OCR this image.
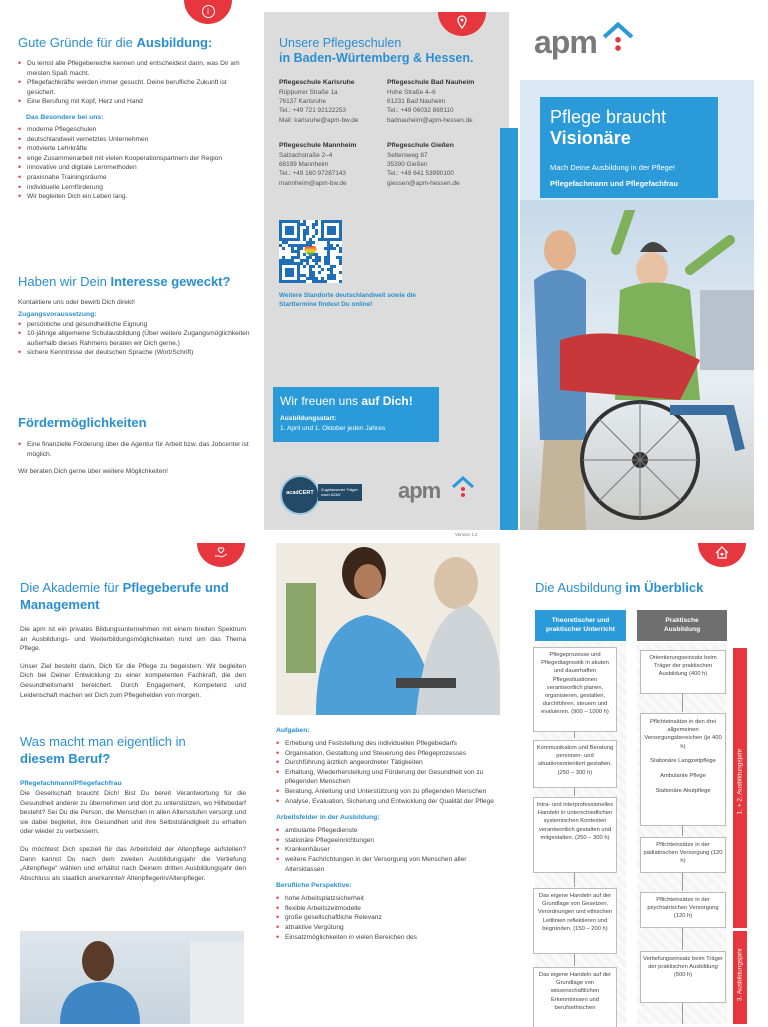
i
Gute Gründe für die Ausbildung:
• Du lernst alle Pflegebereiche kennen und entscheidest dann, was Dir am meisten Spaß macht.
• Pflegefachkräfte werden immer gesucht. Deine berufliche Zukunft ist gesichert.
• Eine Berufung mit Kopf, Herz und Hand
Das Besondere bei uns:
• moderne Pflegeschulen
• deutschlandweit vernetztes Unternehmen
• motivierte Lehrkräfte
• enge Zusammenarbeit mit vielen Kooperationspartnern der Region
• innovative und digitale Lernmethoden
• praxisnahe Trainingsräume
• individuelle Lernförderung
• Wir begleiten Dich ein Leben lang.
Haben wir Dein Interesse geweckt?
Kontaktiere uns oder bewirb Dich direkt!
Zugangsvoraussetzung:
• persönliche und gesundheitliche Eignung
• 10-jährige allgemeine Schulausbildung (Über weitere Zugangsmöglichkeiten außerhalb dieses Rahmens beraten wir Dich gerne.)
• sichere Kenntnisse der deutschen Sprache (Wort/Schrift)
Fördermöglichkeiten
• Eine finanzielle Förderung über die Agentur für Arbeit bzw. das Jobcenter ist möglich.
Wir beraten Dich gerne über weitere Möglichkeiten!
Unsere Pflegeschulen
in Baden-Würtemberg & Hessen.
Pflegeschule Karlsruhe
Rüppurrer Straße 1a
76137 Karlsruhe
Tel.: +49 721 92122253
Mail: karlsruhe@apm-bw.de
Pflegeschule Bad Nauheim
Hohe Straße 4–6
61231 Bad Nauheim
Tel.: +49 06032 869110
badnauheim@apm-hessen.de
Pflegeschule Mannheim
Salzachstraße 2–4
68199 Mannheim
Tel.: +49 160 97287143
mannheim@apm-bw.de
Pflegeschule Gießen
Seltersweg 87
35390 Gießen
Tel.: +49 641 53990100
giessen@apm-hessen.de
Weitere Standorte deutschlandweit sowie die Starttermine findest Du online!
Wir freuen uns auf Dich!
Ausbildungsstart:
1. April und 1. Oktober jeden Jahres
acadCERT
Zugelassener Träger nach AZAV	apm
Version 1.2
apm
Pflege braucht
Visionäre
Mach Deine Ausbildung in der Pflege!
Pflegefachmann und Pflegefachfrau
Die Akademie für Pflegeberufe und Management
Die apm ist ein privates Bildungsunternehmen mit einem breiten Spektrum an Ausbildungs- und Weiterbildungsmöglichkeiten rund um das Thema Pflege.
Unser Ziel besteht darin, Dich für die Pflege zu begeistern. Wir begleiten Dich bei Deiner Entwicklung zu einer kompetenten Fachkraft, die den Gesundheitsmarkt bereichert. Durch Engagement, Kompetenz und Leidenschaft machen wir Dich zum Pflegehelden von morgen.
Was macht man eigentlich in
diesem Beruf?
Pflegefachmann/Pflegefachfrau
Die Gesellschaft braucht Dich! Bist Du bereit Verantwortung für die Gesundheit anderer zu übernehmen und dort zu unterstützen, wo Hilfebedarf besteht? Sei Du die Person, die Menschen in allen Altersstufen versorgt und sie dabei begleitet, ihre Gesundheit und ihre Selbstständigkeit zu erhalten oder wieder zu verbessern.
Du möchtest Dich speziell für das Arbeitsfeld der Altenpflege aufstellen? Dann kannst Du nach dem zweiten Ausbildungsjahr die Vertiefung „Altenpflege“ wählen und erhältst nach Deinem dritten Ausbildungsjahr den Abschluss als staatlich anerkannte/r Altenpflegerin/Altenpfleger.
Aufgaben:
• Erhebung und Feststellung des individuellen Pflegebedarfs
• Organisation, Gestaltung und Steuerung des Pflegeprozesses
• Durchführung ärztlich angeordneter Tätigkeiten
• Erhaltung, Wiederherstellung und Förderung der Gesundheit von zu pflegenden Menschen
• Beratung, Anleitung und Unterstützung von zu pflegenden Menschen
• Analyse, Evaluation, Sicherung und Entwicklung der Qualität der Pflege
Arbeitsfelder in der Ausbildung:
• ambulante Pflegedienste
• stationäre Pflegeeinrichtungen
• Krankenhäuser
• weitere Fachrichtungen in der Versorgung von Menschen aller Altersklassen
Berufliche Perspektive:
• hohe Arbeitsplatzsicherheit
• flexible Arbeitszeitmodelle
• große gesellschaftliche Relevanz
• attraktive Vergütung
• Einsatzmöglichkeiten in vielen Bereichen des
Die Ausbildung im Überblick
Theoretischer und praktischer Unterricht
Praktische Ausbildung
Pflegeprozesse und Pflegediagnostik in akuten und dauerhaften Pflegesituationen verantwortlich planen, organisieren, gestalten, durchführen, steuern und evaluieren. (900 – 1000 h)
Kommunikation und Beratung personen- und situationsorientiert gestalten. (250 – 300 h)
Intra- und interprofessionelles Handeln in unterschiedlichen systemischen Kontexten verantwortlich gestalten und mitgestalten. (250 – 300 h)
Das eigene Handeln auf der Grundlage von Gesetzen, Verordnungen und ethischen Leitlinien reflektieren und begründen. (150 – 200 h)
Das eigene Handeln auf der Grundlage von wissenschaftlichen Erkenntnissen und berufsethischen
Orientierungseinsatz beim Träger der praktischen Ausbildung (400 h)
Pflichteinsätze in den drei allgemeinen Versorgungsbereichen (je 400 h)
Stationäre Langzeitpflege
Ambulante Pflege
Stationäre Akutpflege
Pflichteinsätze in der pädiatrischen Versorgung (120 h)
Pflichteinsätze in der psychiatrischen Versorgung (120 h)
Vertiefungseinsatz beim Träger der praktischen Ausbildung (500 h)
1. + 2. Ausbildungsjahr
3. Ausbildungsjahr
